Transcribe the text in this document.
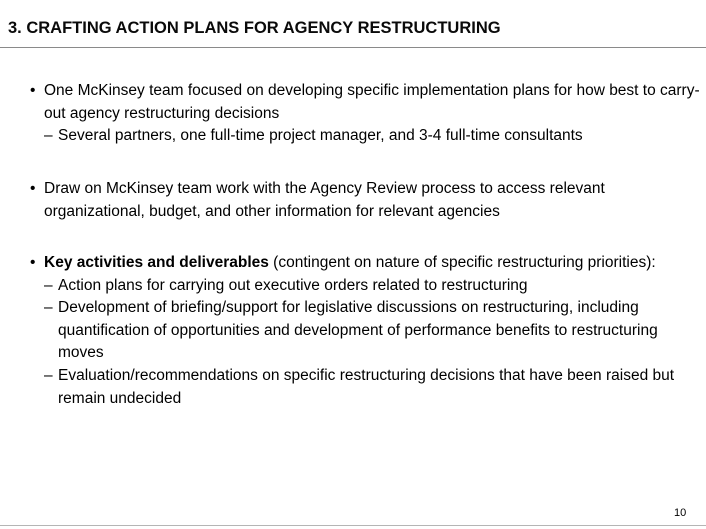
3. CRAFTING ACTION PLANS FOR AGENCY RESTRUCTURING
• One McKinsey team focused on developing specific implementation plans for how best to carry-out agency restructuring decisions
– Several partners, one full-time project manager, and 3-4 full-time consultants
• Draw on McKinsey team work with the Agency Review process to access relevant organizational, budget, and other information for relevant agencies
• Key activities and deliverables (contingent on nature of specific restructuring priorities):
– Action plans for carrying out executive orders related to restructuring
– Development of briefing/support for legislative discussions on restructuring, including quantification of opportunities and development of performance benefits to restructuring moves
– Evaluation/recommendations on specific restructuring decisions that have been raised but remain undecided
10
